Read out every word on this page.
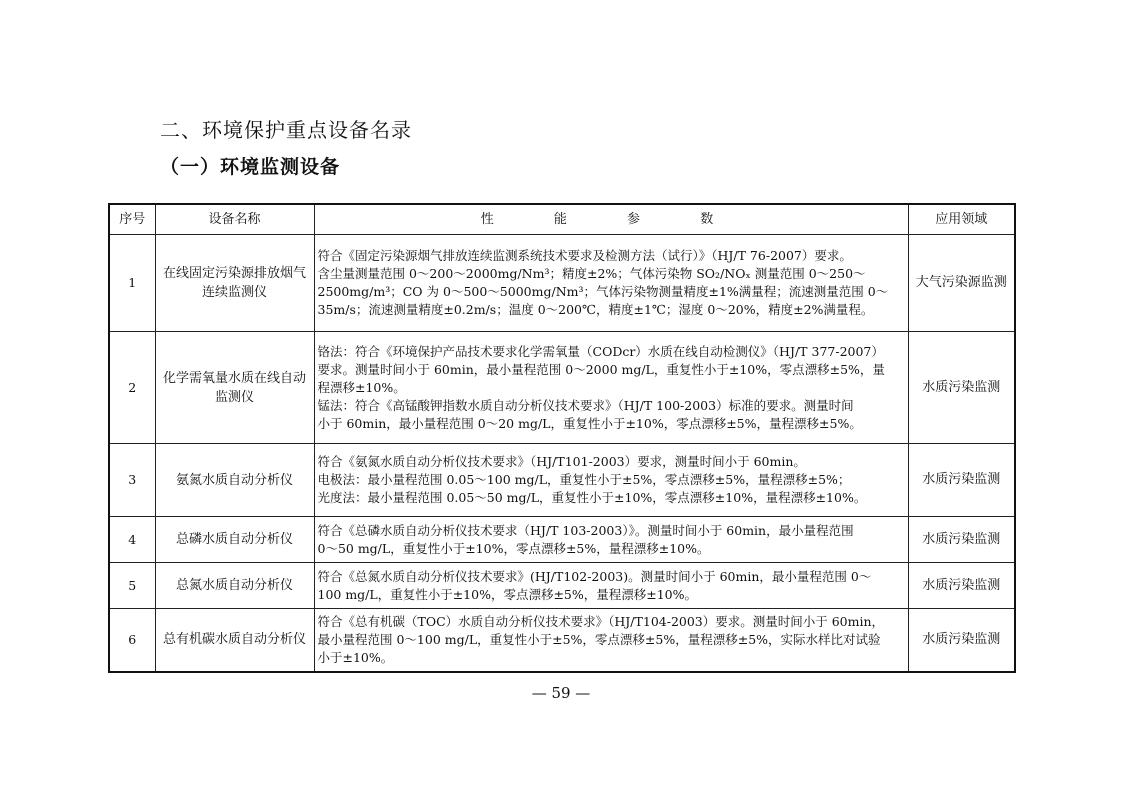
二、环境保护重点设备名录
（一）环境监测设备
序号	设备名称	性 能 参 数	应用领域
1	在线固定污染源排放烟气连续监测仪	符合《固定污染源烟气排放连续监测系统技术要求及检测方法（试行）》（HJ/T 76-2007）要求。
含尘量测量范围 0～200～2000mg/Nm³；精度±2%；气体污染物 SO₂/NOₓ 测量范围 0～250～
2500mg/m³；CO 为 0～500～5000mg/Nm³；气体污染物测量精度±1%满量程；流速测量范围 0～
35m/s；流速测量精度±0.2m/s；温度 0～200℃，精度±1℃；湿度 0～20%，精度±2%满量程。	大气污染源监测
2	化学需氧量水质在线自动监测仪	铬法：符合《环境保护产品技术要求化学需氧量（CODcr）水质在线自动检测仪》（HJ/T 377-2007）
要求。测量时间小于 60min，最小量程范围 0～2000 mg/L，重复性小于±10%，零点漂移±5%，量
程漂移±10%。
锰法：符合《高锰酸钾指数水质自动分析仪技术要求》（HJ/T 100-2003）标准的要求。测量时间
小于 60min，最小量程范围 0～20 mg/L，重复性小于±10%，零点漂移±5%，量程漂移±5%。	水质污染监测
3	氨氮水质自动分析仪	符合《氨氮水质自动分析仪技术要求》（HJ/T101-2003）要求，测量时间小于 60min。
电极法：最小量程范围 0.05～100 mg/L，重复性小于±5%，零点漂移±5%，量程漂移±5%；
光度法：最小量程范围 0.05～50 mg/L，重复性小于±10%，零点漂移±10%，量程漂移±10%。	水质污染监测
4	总磷水质自动分析仪	符合《总磷水质自动分析仪技术要求（HJ/T 103-2003）》。测量时间小于 60min，最小量程范围
0～50 mg/L，重复性小于±10%，零点漂移±5%，量程漂移±10%。	水质污染监测
5	总氮水质自动分析仪	符合《总氮水质自动分析仪技术要求》(HJ/T102-2003)。测量时间小于 60min，最小量程范围 0～
100 mg/L，重复性小于±10%，零点漂移±5%，量程漂移±10%。	水质污染监测
6	总有机碳水质自动分析仪	符合《总有机碳（TOC）水质自动分析仪技术要求》（HJ/T104-2003）要求。测量时间小于 60min，
最小量程范围 0～100 mg/L，重复性小于±5%，零点漂移±5%，量程漂移±5%，实际水样比对试验
小于±10%。	水质污染监测
— 59 —
